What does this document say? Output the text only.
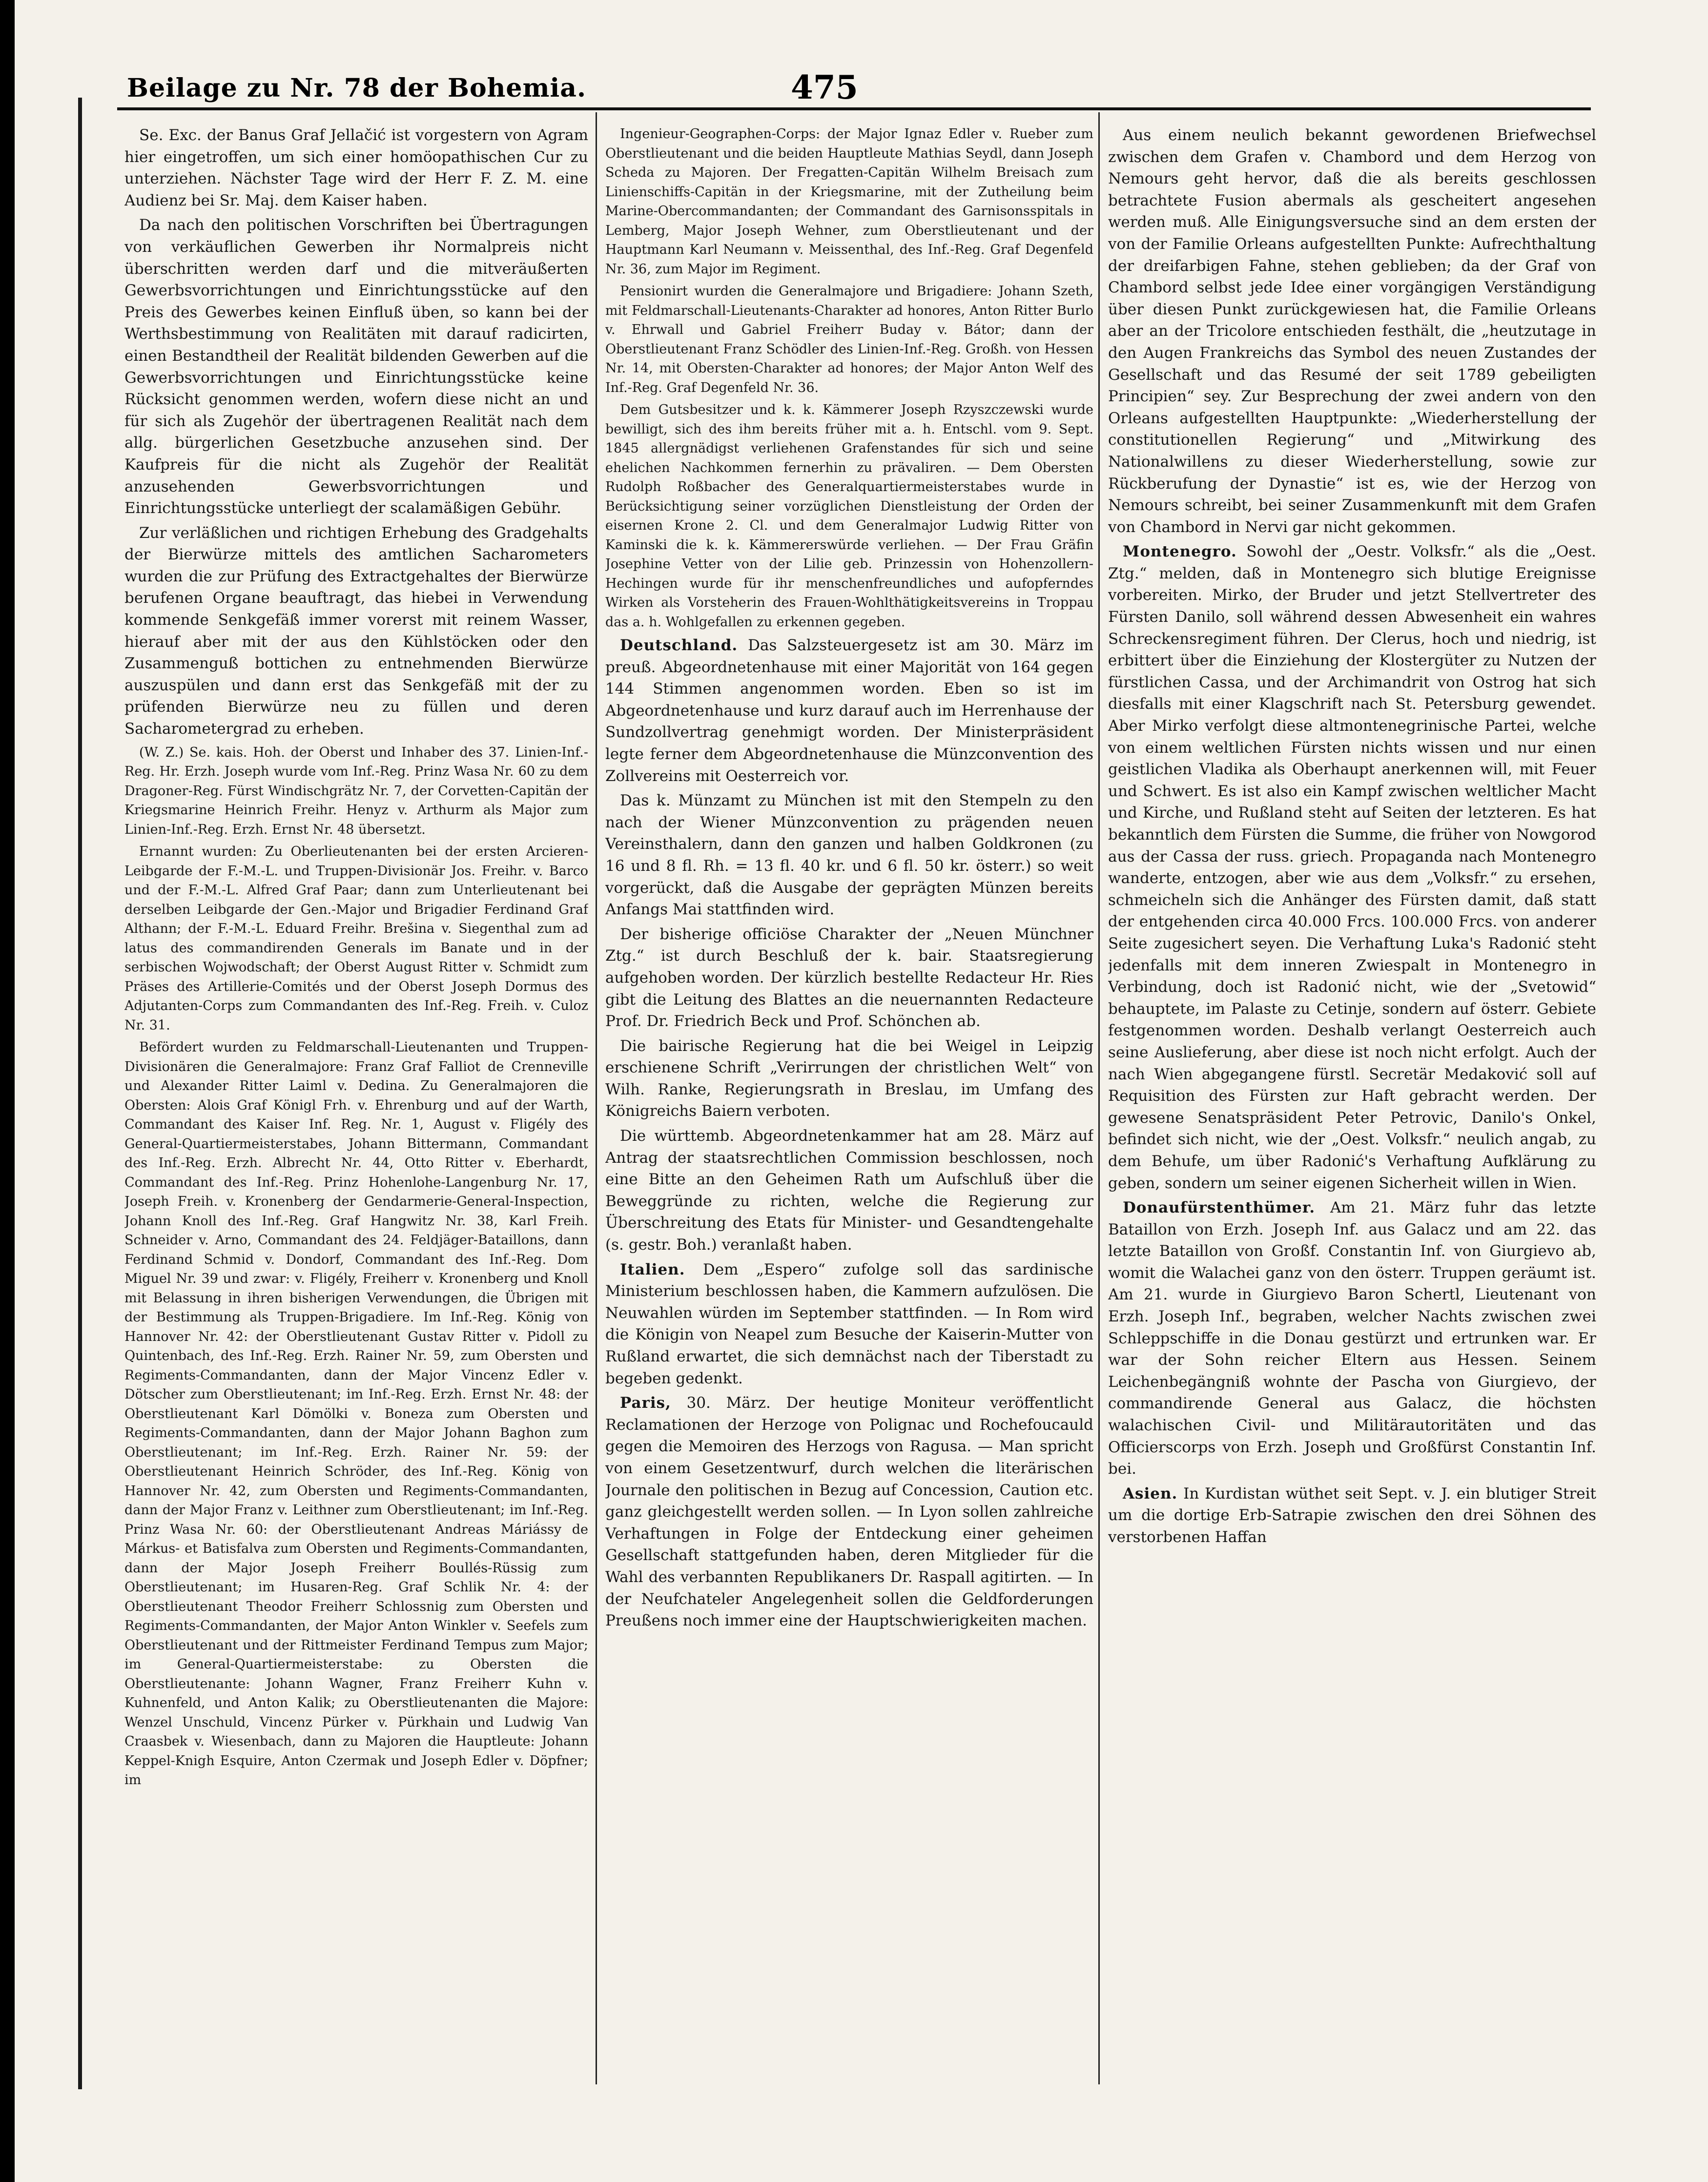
Beilage zu Nr. 78 der Bohemia.	475

Se. Exc. der Banus Graf Jellačić ist vorgestern von Agram hier eingetroffen, um sich einer homöopathischen Cur zu unterziehen. Nächster Tage wird der Herr F. Z. M. eine Audienz bei Sr. Maj. dem Kaiser haben.

Da nach den politischen Vorschriften bei Übertragungen von verkäuflichen Gewerben ihr Normalpreis nicht überschritten werden darf und die mitveräußerten Gewerbsvorrichtungen und Einrichtungsstücke auf den Preis des Gewerbes keinen Einfluß üben, so kann bei der Werthsbestimmung von Realitäten mit darauf radicirten, einen Bestandtheil der Realität bildenden Gewerben auf die Gewerbsvorrichtungen und Einrichtungsstücke keine Rücksicht genommen werden, wofern diese nicht an und für sich als Zugehör der übertragenen Realität nach dem allg. bürgerlichen Gesetzbuche anzusehen sind. Der Kaufpreis für die nicht als Zugehör der Realität anzusehenden Gewerbsvorrichtungen und Einrichtungsstücke unterliegt der scalamäßigen Gebühr.

Zur verläßlichen und richtigen Erhebung des Gradgehalts der Bierwürze mittels des amtlichen Sacharometers wurden die zur Prüfung des Extractgehaltes der Bierwürze berufenen Organe beauftragt, das hiebei in Verwendung kommende Senkgefäß immer vorerst mit reinem Wasser, hierauf aber mit der aus den Kühlstöcken oder den Zusammenguß bottichen zu entnehmenden Bierwürze auszuspülen und dann erst das Senkgefäß mit der zu prüfenden Bierwürze neu zu füllen und deren Sacharometergrad zu erheben.

(W. Z.) Se. kais. Hoh. der Oberst und Inhaber des 37. Linien-Inf.-Reg. Hr. Erzh. Joseph wurde vom Inf.-Reg. Prinz Wasa Nr. 60 zu dem Dragoner-Reg. Fürst Windischgrätz Nr. 7, der Corvetten-Capitän der Kriegsmarine Heinrich Freihr. Henyz v. Arthurm als Major zum Linien-Inf.-Reg. Erzh. Ernst Nr. 48 übersetzt.

Ernannt wurden: Zu Oberlieutenanten bei der ersten Arcieren-Leibgarde der F.-M.-L. und Truppen-Divisionär Jos. Freihr. v. Barco und der F.-M.-L. Alfred Graf Paar; dann zum Unterlieutenant bei derselben Leibgarde der Gen.-Major und Brigadier Ferdinand Graf Althann; der F.-M.-L. Eduard Freihr. Brešina v. Siegenthal zum ad latus des commandirenden Generals im Banate und in der serbischen Wojwodschaft; der Oberst August Ritter v. Schmidt zum Präses des Artillerie-Comités und der Oberst Joseph Dormus des Adjutanten-Corps zum Commandanten des Inf.-Reg. Freih. v. Culoz Nr. 31.

Befördert wurden zu Feldmarschall-Lieutenanten und Truppen-Divisionären die Generalmajore: Franz Graf Falliot de Crenneville und Alexander Ritter Laiml v. Dedina. Zu Generalmajoren die Obersten: Alois Graf Königl Frh. v. Ehrenburg und auf der Warth, Commandant des Kaiser Inf. Reg. Nr. 1, August v. Fligély des General-Quartiermeisterstabes, Johann Bittermann, Commandant des Inf.-Reg. Erzh. Albrecht Nr. 44, Otto Ritter v. Eberhardt, Commandant des Inf.-Reg. Prinz Hohenlohe-Langenburg Nr. 17, Joseph Freih. v. Kronenberg der Gendarmerie-General-Inspection, Johann Knoll des Inf.-Reg. Graf Hangwitz Nr. 38, Karl Freih. Schneider v. Arno, Commandant des 24. Feldjäger-Bataillons, dann Ferdinand Schmid v. Dondorf, Commandant des Inf.-Reg. Dom Miguel Nr. 39 und zwar: v. Fligély, Freiherr v. Kronenberg und Knoll mit Belassung in ihren bisherigen Verwendungen, die Übrigen mit der Bestimmung als Truppen-Brigadiere. Im Inf.-Reg. König von Hannover Nr. 42: der Oberstlieutenant Gustav Ritter v. Pidoll zu Quintenbach, des Inf.-Reg. Erzh. Rainer Nr. 59, zum Obersten und Regiments-Commandanten, dann der Major Vincenz Edler v. Dötscher zum Oberstlieutenant; im Inf.-Reg. Erzh. Ernst Nr. 48: der Oberstlieutenant Karl Dömölki v. Boneza zum Obersten und Regiments-Commandanten, dann der Major Johann Baghon zum Oberstlieutenant; im Inf.-Reg. Erzh. Rainer Nr. 59: der Oberstlieutenant Heinrich Schröder, des Inf.-Reg. König von Hannover Nr. 42, zum Obersten und Regiments-Commandanten, dann der Major Franz v. Leithner zum Oberstlieutenant; im Inf.-Reg. Prinz Wasa Nr. 60: der Oberstlieutenant Andreas Máriássy de Márkus- et Batisfalva zum Obersten und Regiments-Commandanten, dann der Major Joseph Freiherr Boullés-Rüssig zum Oberstlieutenant; im Husaren-Reg. Graf Schlik Nr. 4: der Oberstlieutenant Theodor Freiherr Schlossnig zum Obersten und Regiments-Commandanten, der Major Anton Winkler v. Seefels zum Oberstlieutenant und der Rittmeister Ferdinand Tempus zum Major; im General-Quartiermeisterstabe: zu Obersten die Oberstlieutenante: Johann Wagner, Franz Freiherr Kuhn v. Kuhnenfeld, und Anton Kalik; zu Oberstlieutenanten die Majore: Wenzel Unschuld, Vincenz Pürker v. Pürkhain und Ludwig Van Craasbek v. Wiesenbach, dann zu Majoren die Hauptleute: Johann Keppel-Knigh Esquire, Anton Czermak und Joseph Edler v. Döpfner; im

Ingenieur-Geographen-Corps: der Major Ignaz Edler v. Rueber zum Oberstlieutenant und die beiden Hauptleute Mathias Seydl, dann Joseph Scheda zu Majoren. Der Fregatten-Capitän Wilhelm Breisach zum Linienschiffs-Capitän in der Kriegsmarine, mit der Zutheilung beim Marine-Obercommandanten; der Commandant des Garnisonsspitals in Lemberg, Major Joseph Wehner, zum Oberstlieutenant und der Hauptmann Karl Neumann v. Meissenthal, des Inf.-Reg. Graf Degenfeld Nr. 36, zum Major im Regiment.

Pensionirt wurden die Generalmajore und Brigadiere: Johann Szeth, mit Feldmarschall-Lieutenants-Charakter ad honores, Anton Ritter Burlo v. Ehrwall und Gabriel Freiherr Buday v. Bátor; dann der Oberstlieutenant Franz Schödler des Linien-Inf.-Reg. Großh. von Hessen Nr. 14, mit Obersten-Charakter ad honores; der Major Anton Welf des Inf.-Reg. Graf Degenfeld Nr. 36.

Dem Gutsbesitzer und k. k. Kämmerer Joseph Rzyszczewski wurde bewilligt, sich des ihm bereits früher mit a. h. Entschl. vom 9. Sept. 1845 allergnädigst verliehenen Grafenstandes für sich und seine ehelichen Nachkommen fernerhin zu prävaliren. — Dem Obersten Rudolph Roßbacher des Generalquartiermeisterstabes wurde in Berücksichtigung seiner vorzüglichen Dienstleistung der Orden der eisernen Krone 2. Cl. und dem Generalmajor Ludwig Ritter von Kaminski die k. k. Kämmererswürde verliehen. — Der Frau Gräfin Josephine Vetter von der Lilie geb. Prinzessin von Hohenzollern-Hechingen wurde für ihr menschenfreundliches und aufopferndes Wirken als Vorsteherin des Frauen-Wohlthätigkeitsvereins in Troppau das a. h. Wohlgefallen zu erkennen gegeben.

Deutschland. Das Salzsteuergesetz ist am 30. März im preuß. Abgeordnetenhause mit einer Majorität von 164 gegen 144 Stimmen angenommen worden. Eben so ist im Abgeordnetenhause und kurz darauf auch im Herrenhause der Sundzollvertrag genehmigt worden. Der Ministerpräsident legte ferner dem Abgeordnetenhause die Münzconvention des Zollvereins mit Oesterreich vor.

Das k. Münzamt zu München ist mit den Stempeln zu den nach der Wiener Münzconvention zu prägenden neuen Vereinsthalern, dann den ganzen und halben Goldkronen (zu 16 und 8 fl. Rh. = 13 fl. 40 kr. und 6 fl. 50 kr. österr.) so weit vorgerückt, daß die Ausgabe der geprägten Münzen bereits Anfangs Mai stattfinden wird.

Der bisherige officiöse Charakter der „Neuen Münchner Ztg.“ ist durch Beschluß der k. bair. Staatsregierung aufgehoben worden. Der kürzlich bestellte Redacteur Hr. Ries gibt die Leitung des Blattes an die neuernannten Redacteure Prof. Dr. Friedrich Beck und Prof. Schönchen ab.

Die bairische Regierung hat die bei Weigel in Leipzig erschienene Schrift „Verirrungen der christlichen Welt“ von Wilh. Ranke, Regierungsrath in Breslau, im Umfang des Königreichs Baiern verboten.

Die württemb. Abgeordnetenkammer hat am 28. März auf Antrag der staatsrechtlichen Commission beschlossen, noch eine Bitte an den Geheimen Rath um Aufschluß über die Beweggründe zu richten, welche die Regierung zur Überschreitung des Etats für Minister- und Gesandtengehalte (s. gestr. Boh.) veranlaßt haben.

Italien. Dem „Espero“ zufolge soll das sardinische Ministerium beschlossen haben, die Kammern aufzulösen. Die Neuwahlen würden im September stattfinden. — In Rom wird die Königin von Neapel zum Besuche der Kaiserin-Mutter von Rußland erwartet, die sich demnächst nach der Tiberstadt zu begeben gedenkt.

Paris, 30. März. Der heutige Moniteur veröffentlicht Reclamationen der Herzoge von Polignac und Rochefoucauld gegen die Memoiren des Herzogs von Ragusa. — Man spricht von einem Gesetzentwurf, durch welchen die literärischen Journale den politischen in Bezug auf Concession, Caution etc. ganz gleichgestellt werden sollen. — In Lyon sollen zahlreiche Verhaftungen in Folge der Entdeckung einer geheimen Gesellschaft stattgefunden haben, deren Mitglieder für die Wahl des verbannten Republikaners Dr. Raspall agitirten. — In der Neufchateler Angelegenheit sollen die Geldforderungen Preußens noch immer eine der Hauptschwierigkeiten machen.

Aus einem neulich bekannt gewordenen Briefwechsel zwischen dem Grafen v. Chambord und dem Herzog von Nemours geht hervor, daß die als bereits geschlossen betrachtete Fusion abermals als gescheitert angesehen werden muß. Alle Einigungsversuche sind an dem ersten der von der Familie Orleans aufgestellten Punkte: Aufrechthaltung der dreifarbigen Fahne, stehen geblieben; da der Graf von Chambord selbst jede Idee einer vorgängigen Verständigung über diesen Punkt zurückgewiesen hat, die Familie Orleans aber an der Tricolore entschieden festhält, die „heutzutage in den Augen Frankreichs das Symbol des neuen Zustandes der Gesellschaft und das Resumé der seit 1789 gebeiligten Principien“ sey. Zur Besprechung der zwei andern von den Orleans aufgestellten Hauptpunkte: „Wiederherstellung der constitutionellen Regierung“ und „Mitwirkung des Nationalwillens zu dieser Wiederherstellung, sowie zur Rückberufung der Dynastie“ ist es, wie der Herzog von Nemours schreibt, bei seiner Zusammenkunft mit dem Grafen von Chambord in Nervi gar nicht gekommen.

Montenegro. Sowohl der „Oestr. Volksfr.“ als die „Oest. Ztg.“ melden, daß in Montenegro sich blutige Ereignisse vorbereiten. Mirko, der Bruder und jetzt Stellvertreter des Fürsten Danilo, soll während dessen Abwesenheit ein wahres Schreckensregiment führen. Der Clerus, hoch und niedrig, ist erbittert über die Einziehung der Klostergüter zu Nutzen der fürstlichen Cassa, und der Archimandrit von Ostrog hat sich diesfalls mit einer Klagschrift nach St. Petersburg gewendet. Aber Mirko verfolgt diese altmontenegrinische Partei, welche von einem weltlichen Fürsten nichts wissen und nur einen geistlichen Vladika als Oberhaupt anerkennen will, mit Feuer und Schwert. Es ist also ein Kampf zwischen weltlicher Macht und Kirche, und Rußland steht auf Seiten der letzteren. Es hat bekanntlich dem Fürsten die Summe, die früher von Nowgorod aus der Cassa der russ. griech. Propaganda nach Montenegro wanderte, entzogen, aber wie aus dem „Volksfr.“ zu ersehen, schmeicheln sich die Anhänger des Fürsten damit, daß statt der entgehenden circa 40.000 Frcs. 100.000 Frcs. von anderer Seite zugesichert seyen. Die Verhaftung Luka's Radonić steht jedenfalls mit dem inneren Zwiespalt in Montenegro in Verbindung, doch ist Radonić nicht, wie der „Svetowid“ behauptete, im Palaste zu Cetinje, sondern auf österr. Gebiete festgenommen worden. Deshalb verlangt Oesterreich auch seine Auslieferung, aber diese ist noch nicht erfolgt. Auch der nach Wien abgegangene fürstl. Secretär Medaković soll auf Requisition des Fürsten zur Haft gebracht werden. Der gewesene Senatspräsident Peter Petrovic, Danilo's Onkel, befindet sich nicht, wie der „Oest. Volksfr.“ neulich angab, zu dem Behufe, um über Radonić's Verhaftung Aufklärung zu geben, sondern um seiner eigenen Sicherheit willen in Wien.

Donaufürstenthümer. Am 21. März fuhr das letzte Bataillon von Erzh. Joseph Inf. aus Galacz und am 22. das letzte Bataillon von Großf. Constantin Inf. von Giurgievo ab, womit die Walachei ganz von den österr. Truppen geräumt ist. Am 21. wurde in Giurgievo Baron Schertl, Lieutenant von Erzh. Joseph Inf., begraben, welcher Nachts zwischen zwei Schleppschiffe in die Donau gestürzt und ertrunken war. Er war der Sohn reicher Eltern aus Hessen. Seinem Leichenbegängniß wohnte der Pascha von Giurgievo, der commandirende General aus Galacz, die höchsten walachischen Civil- und Militärautoritäten und das Officierscorps von Erzh. Joseph und Großfürst Constantin Inf. bei.

Asien. In Kurdistan wüthet seit Sept. v. J. ein blutiger Streit um die dortige Erb-Satrapie zwischen den drei Söhnen des verstorbenen Haffan
